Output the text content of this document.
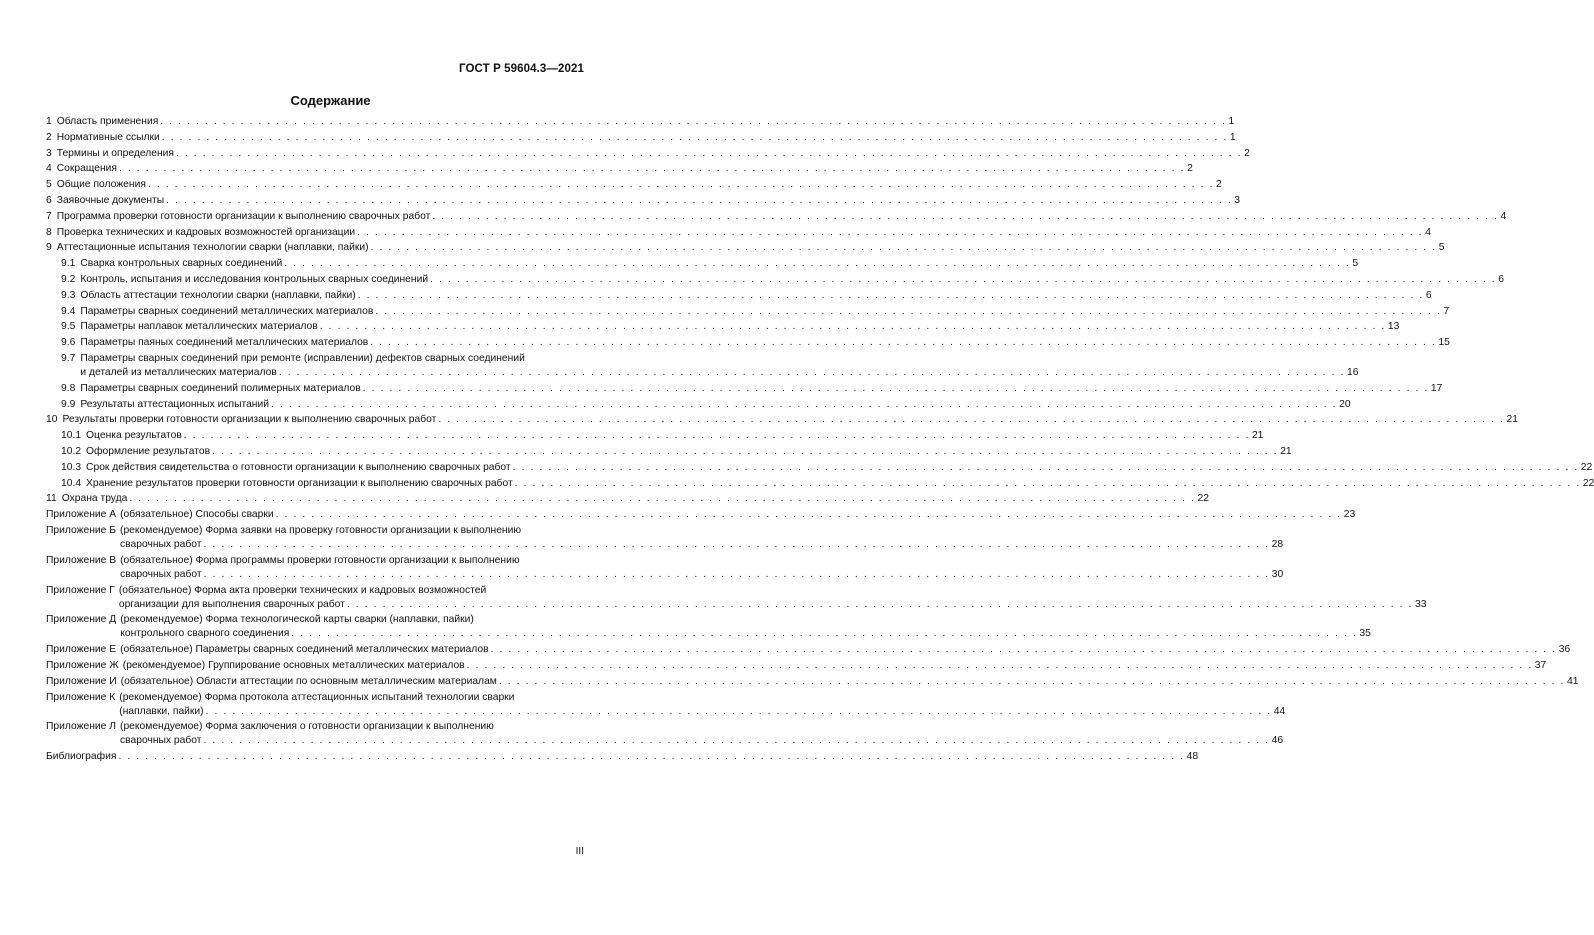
ГОСТ Р 59604.3—2021
Содержание
1 Область применения . . . . . . . . . . . . . . . . . . . . . . . . . . . . . . . . . . . . . . . . . . . . . . . . . . . . . . . . . . . . . . . . . . . . . . . . . . . . . . . . . . . . . . . . . . . . . . . . . . . . . . . . . . . . . . . . . . . . . . . . 1
2 Нормативные ссылки . . . . . . . . . . . . . . . . . . . . . . . . . . . . . . . . . . . . . . . . . . . . . . . . . . . . . . . . . . . . . . . . . . . . . . . . . . . . . . . . . . . . . . . . . . . . . . . . . . . . . . . . . . . . . . . . . . . . . . . . 1
3 Термины и определения . . . . . . . . . . . . . . . . . . . . . . . . . . . . . . . . . . . . . . . . . . . . . . . . . . . . . . . . . . . . . . . . . . . . . . . . . . . . . . . . . . . . . . . . . . . . . . . . . . . . . . . . . . . . . . . . . . . . . . . . 2
4 Сокращения . . . . . . . . . . . . . . . . . . . . . . . . . . . . . . . . . . . . . . . . . . . . . . . . . . . . . . . . . . . . . . . . . . . . . . . . . . . . . . . . . . . . . . . . . . . . . . . . . . . . . . . . . . . . . . . . . . . . . . . . 2
5 Общие положения . . . . . . . . . . . . . . . . . . . . . . . . . . . . . . . . . . . . . . . . . . . . . . . . . . . . . . . . . . . . . . . . . . . . . . . . . . . . . . . . . . . . . . . . . . . . . . . . . . . . . . . . . . . . . . . . . . . . . . . . 2
6 Заявочные документы . . . . . . . . . . . . . . . . . . . . . . . . . . . . . . . . . . . . . . . . . . . . . . . . . . . . . . . . . . . . . . . . . . . . . . . . . . . . . . . . . . . . . . . . . . . . . . . . . . . . . . . . . . . . . . . . . . . . . . . . 3
7 Программа проверки готовности организации к выполнению сварочных работ . . . . . . . . . . . . . . . . . . . . . . . . . . . . . . . . . . . . . . . . . . . . . . . . . . . . . . . . . . . . . . . . . . . . . . . . . . . . . . . . . . . . . . . . . . . . . . . . . . . . . . . . . . . . . . . . . . . . . . . . 4
8 Проверка технических и кадровых возможностей организации . . . . . . . . . . . . . . . . . . . . . . . . . . . . . . . . . . . . . . . . . . . . . . . . . . . . . . . . . . . . . . . . . . . . . . . . . . . . . . . . . . . . . . . . . . . . . . . . . . . . . . . . . . . . . . . . . . . . . . . . 4
9 Аттестационные испытания технологии сварки (наплавки, пайки) . . . . . . . . . . . . . . . . . . . . . . . . . . . . . . . . . . . . . . . . . . . . . . . . . . . . . . . . . . . . . . . . . . . . . . . . . . . . . . . . . . . . . . . . . . . . . . . . . . . . . . . . . . . . . . . . . . . . . . . . 5
9.1 Сварка контрольных сварных соединений . . . . . . . . . . . . . . . . . . . . . . . . . . . . . . . . . . . . . . . . . . . . . . . . . . . . . . . . . . . . . . . . . . . . . . . . . . . . . . . . . . . . . . . . . . . . . . . . . . . . . . . . . . . . . . . . . . . . . . . . 5
9.2 Контроль, испытания и исследования контрольных сварных соединений . . . . . . . . . . . . . . . . . . . . . . . . . . . . . . . . . . . . . . . . . . . . . . . . . . . . . . . . . . . . . . . . . . . . . . . . . . . . . . . . . . . . . . . . . . . . . . . . . . . . . . . . . . . . . . . . . . . . . . . . 6
9.3 Область аттестации технологии сварки (наплавки, пайки) . . . . . . . . . . . . . . . . . . . . . . . . . . . . . . . . . . . . . . . . . . . . . . . . . . . . . . . . . . . . . . . . . . . . . . . . . . . . . . . . . . . . . . . . . . . . . . . . . . . . . . . . . . . . . . . . . . . . . . . . 6
9.4 Параметры сварных соединений металлических материалов . . . . . . . . . . . . . . . . . . . . . . . . . . . . . . . . . . . . . . . . . . . . . . . . . . . . . . . . . . . . . . . . . . . . . . . . . . . . . . . . . . . . . . . . . . . . . . . . . . . . . . . . . . . . . . . . . . . . . . . . 7
9.5 Параметры наплавок металлических материалов . . . . . . . . . . . . . . . . . . . . . . . . . . . . . . . . . . . . . . . . . . . . . . . . . . . . . . . . . . . . . . . . . . . . . . . . . . . . . . . . . . . . . . . . . . . . . . . . . . . . . . . . . . . . . . . . . . . . . . . . 13
9.6 Параметры паяных соединений металлических материалов . . . . . . . . . . . . . . . . . . . . . . . . . . . . . . . . . . . . . . . . . . . . . . . . . . . . . . . . . . . . . . . . . . . . . . . . . . . . . . . . . . . . . . . . . . . . . . . . . . . . . . . . . . . . . . . . . . . . . . . . 15
9.7 Параметры сварных соединений при ремонте (исправлении) дефектов сварных соединений
и деталей из металлических материалов . . . . . . . . . . . . . . . . . . . . . . . . . . . . . . . . . . . . . . . . . . . . . . . . . . . . . . . . . . . . . . . . . . . . . . . . . . . . . . . . . . . . . . . . . . . . . . . . . . . . . . . . . . . . . . . . . . . . . . . . 16
9.8 Параметры сварных соединений полимерных материалов . . . . . . . . . . . . . . . . . . . . . . . . . . . . . . . . . . . . . . . . . . . . . . . . . . . . . . . . . . . . . . . . . . . . . . . . . . . . . . . . . . . . . . . . . . . . . . . . . . . . . . . . . . . . . . . . . . . . . . . . 17
9.9 Результаты аттестационных испытаний . . . . . . . . . . . . . . . . . . . . . . . . . . . . . . . . . . . . . . . . . . . . . . . . . . . . . . . . . . . . . . . . . . . . . . . . . . . . . . . . . . . . . . . . . . . . . . . . . . . . . . . . . . . . . . . . . . . . . . . . 20
10 Результаты проверки готовности организации к выполнению сварочных работ . . . . . . . . . . . . . . . . . . . . . . . . . . . . . . . . . . . . . . . . . . . . . . . . . . . . . . . . . . . . . . . . . . . . . . . . . . . . . . . . . . . . . . . . . . . . . . . . . . . . . . . . . . . . . . . . . . . . . . . . 21
10.1 Оценка результатов . . . . . . . . . . . . . . . . . . . . . . . . . . . . . . . . . . . . . . . . . . . . . . . . . . . . . . . . . . . . . . . . . . . . . . . . . . . . . . . . . . . . . . . . . . . . . . . . . . . . . . . . . . . . . . . . . . . . . . . . 21
10.2 Оформление результатов . . . . . . . . . . . . . . . . . . . . . . . . . . . . . . . . . . . . . . . . . . . . . . . . . . . . . . . . . . . . . . . . . . . . . . . . . . . . . . . . . . . . . . . . . . . . . . . . . . . . . . . . . . . . . . . . . . . . . . . . 21
10.3 Срок действия свидетельства о готовности организации к выполнению сварочных работ . . . . . . . . . . . . . . . . . . . . . . . . . . . . . . . . . . . . . . . . . . . . . . . . . . . . . . . . . . . . . . . . . . . . . . . . . . . . . . . . . . . . . . . . . . . . . . . . . . . . . . . . . . . . . . . . . . . . . . . . 22
10.4 Хранение результатов проверки готовности организации к выполнению сварочных работ . . . . . . . . . . . . . . . . . . . . . . . . . . . . . . . . . . . . . . . . . . . . . . . . . . . . . . . . . . . . . . . . . . . . . . . . . . . . . . . . . . . . . . . . . . . . . . . . . . . . . . . . . . . . . . . . . . . . . . . . 22
11 Охрана труда . . . . . . . . . . . . . . . . . . . . . . . . . . . . . . . . . . . . . . . . . . . . . . . . . . . . . . . . . . . . . . . . . . . . . . . . . . . . . . . . . . . . . . . . . . . . . . . . . . . . . . . . . . . . . . . . . . . . . . . . 22
Приложение А (обязательное) Способы сварки . . . . . . . . . . . . . . . . . . . . . . . . . . . . . . . . . . . . . . . . . . . . . . . . . . . . . . . . . . . . . . . . . . . . . . . . . . . . . . . . . . . . . . . . . . . . . . . . . . . . . . . . . . . . . . . . . . . . . . . . 23
Приложение Б (рекомендуемое) Форма заявки на проверку готовности организации к выполнению
сварочных работ . . . . . . . . . . . . . . . . . . . . . . . . . . . . . . . . . . . . . . . . . . . . . . . . . . . . . . . . . . . . . . . . . . . . . . . . . . . . . . . . . . . . . . . . . . . . . . . . . . . . . . . . . . . . . . . . . . . . . . . . 28
Приложение В (обязательное) Форма программы проверки готовности организации к выполнению
сварочных работ . . . . . . . . . . . . . . . . . . . . . . . . . . . . . . . . . . . . . . . . . . . . . . . . . . . . . . . . . . . . . . . . . . . . . . . . . . . . . . . . . . . . . . . . . . . . . . . . . . . . . . . . . . . . . . . . . . . . . . . . 30
Приложение Г (обязательное) Форма акта проверки технических и кадровых возможностей
организации для выполнения сварочных работ . . . . . . . . . . . . . . . . . . . . . . . . . . . . . . . . . . . . . . . . . . . . . . . . . . . . . . . . . . . . . . . . . . . . . . . . . . . . . . . . . . . . . . . . . . . . . . . . . . . . . . . . . . . . . . . . . . . . . . . . 33
Приложение Д (рекомендуемое) Форма технологической карты сварки (наплавки, пайки)
контрольного сварного соединения . . . . . . . . . . . . . . . . . . . . . . . . . . . . . . . . . . . . . . . . . . . . . . . . . . . . . . . . . . . . . . . . . . . . . . . . . . . . . . . . . . . . . . . . . . . . . . . . . . . . . . . . . . . . . . . . . . . . . . . . 35
Приложение Е (обязательное) Параметры сварных соединений металлических материалов . . . . . . . . . . . . . . . . . . . . . . . . . . . . . . . . . . . . . . . . . . . . . . . . . . . . . . . . . . . . . . . . . . . . . . . . . . . . . . . . . . . . . . . . . . . . . . . . . . . . . . . . . . . . . . . . . . . . . . . . 36
Приложение Ж (рекомендуемое) Группирование основных металлических материалов . . . . . . . . . . . . . . . . . . . . . . . . . . . . . . . . . . . . . . . . . . . . . . . . . . . . . . . . . . . . . . . . . . . . . . . . . . . . . . . . . . . . . . . . . . . . . . . . . . . . . . . . . . . . . . . . . . . . . . . . 37
Приложение И (обязательное) Области аттестации по основным металлическим материалам . . . . . . . . . . . . . . . . . . . . . . . . . . . . . . . . . . . . . . . . . . . . . . . . . . . . . . . . . . . . . . . . . . . . . . . . . . . . . . . . . . . . . . . . . . . . . . . . . . . . . . . . . . . . . . . . . . . . . . . . 41
Приложение К (рекомендуемое) Форма протокола аттестационных испытаний технологии сварки
(наплавки, пайки) . . . . . . . . . . . . . . . . . . . . . . . . . . . . . . . . . . . . . . . . . . . . . . . . . . . . . . . . . . . . . . . . . . . . . . . . . . . . . . . . . . . . . . . . . . . . . . . . . . . . . . . . . . . . . . . . . . . . . . . . 44
Приложение Л (рекомендуемое) Форма заключения о готовности организации к выполнению
сварочных работ . . . . . . . . . . . . . . . . . . . . . . . . . . . . . . . . . . . . . . . . . . . . . . . . . . . . . . . . . . . . . . . . . . . . . . . . . . . . . . . . . . . . . . . . . . . . . . . . . . . . . . . . . . . . . . . . . . . . . . . . 46
Библиография . . . . . . . . . . . . . . . . . . . . . . . . . . . . . . . . . . . . . . . . . . . . . . . . . . . . . . . . . . . . . . . . . . . . . . . . . . . . . . . . . . . . . . . . . . . . . . . . . . . . . . . . . . . . . . . . . . . . . . . . 48
III
